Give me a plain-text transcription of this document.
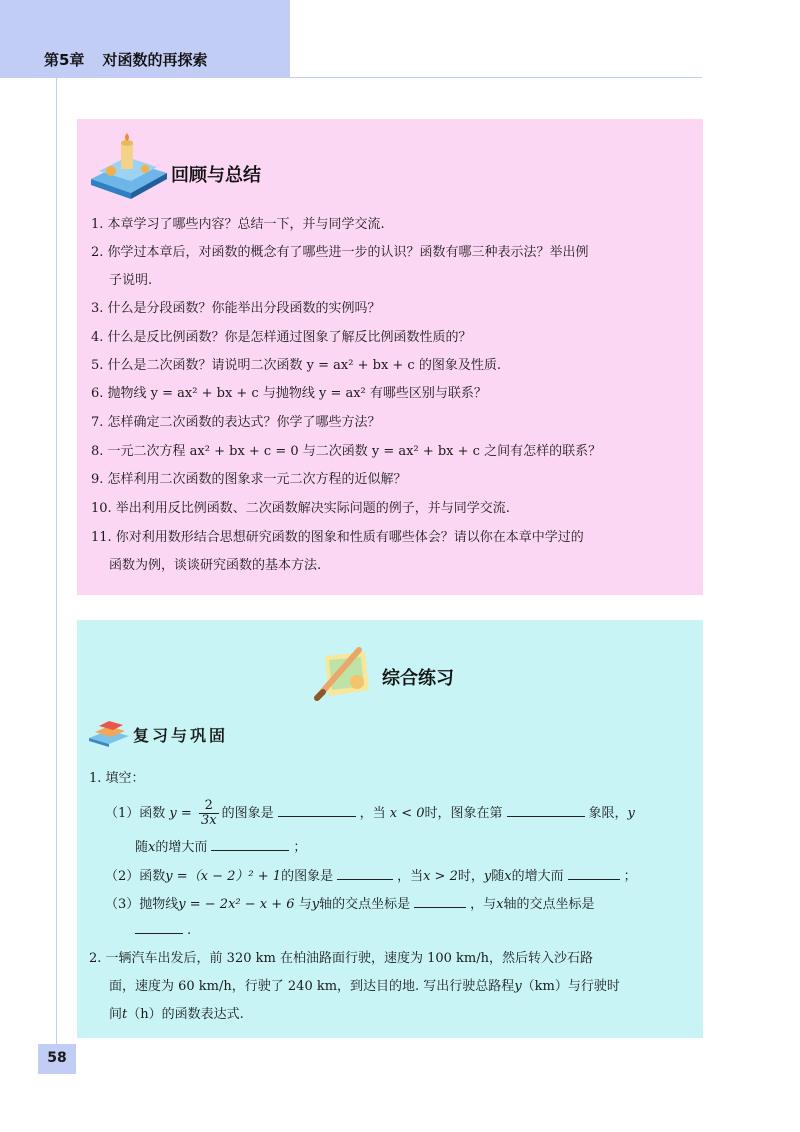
第5章 对函数的再探索
回顾与总结
1. 本章学习了哪些内容？总结一下，并与同学交流.
2. 你学过本章后，对函数的概念有了哪些进一步的认识？函数有哪三种表示法？举出例
子说明.
3. 什么是分段函数？你能举出分段函数的实例吗？
4. 什么是反比例函数？你是怎样通过图象了解反比例函数性质的？
5. 什么是二次函数？请说明二次函数 y = ax² + bx + c 的图象及性质.
6. 抛物线 y = ax² + bx + c 与抛物线 y = ax² 有哪些区别与联系？
7. 怎样确定二次函数的表达式？你学了哪些方法？
8. 一元二次方程 ax² + bx + c = 0 与二次函数 y = ax² + bx + c 之间有怎样的联系？
9. 怎样利用二次函数的图象求一元二次方程的近似解？
10. 举出利用反比例函数、二次函数解决实际问题的例子，并与同学交流.
11. 你对利用数形结合思想研究函数的图象和性质有哪些体会？请以你在本章中学过的
函数为例，谈谈研究函数的基本方法.
综合练习
复习与巩固
1. 填空：
（1）函数 $y = \frac{2}{3x}$ 的图象是	，当 x < 0时，图象在第	象限，y
随x的增大而	；
（2）函数y =（x − 2）² + 1的图象是	，当x > 2时，y随x的增大而	；
（3）抛物线y = − 2x² − x + 6 与y轴的交点坐标是	，与x轴的交点坐标是
.
2. 一辆汽车出发后，前 320 km 在柏油路面行驶，速度为 100 km/h，然后转入沙石路
面，速度为 60 km/h，行驶了 240 km，到达目的地. 写出行驶总路程y（km）与行驶时
间t（h）的函数表达式.
58
